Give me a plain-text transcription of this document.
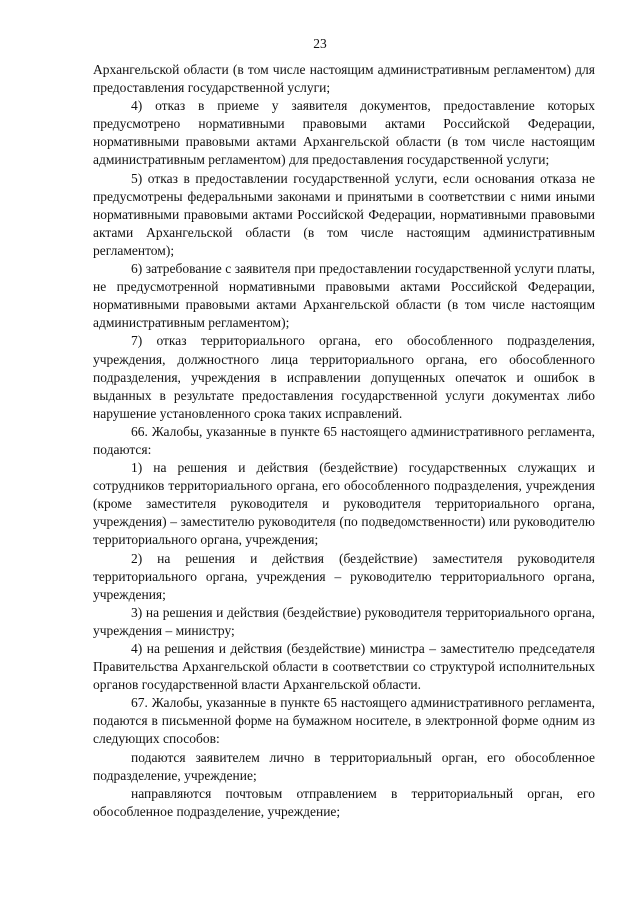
23

Архангельской области (в том числе настоящим административным регламентом) для предоставления государственной услуги;

4) отказ в приеме у заявителя документов, предоставление которых предусмотрено нормативными правовыми актами Российской Федерации, нормативными правовыми актами Архангельской области (в том числе настоящим административным регламентом) для предоставления государственной услуги;

5) отказ в предоставлении государственной услуги, если основания отказа не предусмотрены федеральными законами и принятыми в соответствии с ними иными нормативными правовыми актами Российской Федерации, нормативными правовыми актами Архангельской области (в том числе настоящим административным регламентом);

6) затребование с заявителя при предоставлении государственной услуги платы, не предусмотренной нормативными правовыми актами Российской Федерации, нормативными правовыми актами Архангельской области (в том числе настоящим административным регламентом);

7) отказ территориального органа, его обособленного подразделения, учреждения, должностного лица территориального органа, его обособленного подразделения, учреждения в исправлении допущенных опечаток и ошибок в выданных в результате предоставления государственной услуги документах либо нарушение установленного срока таких исправлений.

66. Жалобы, указанные в пункте 65 настоящего административного регламента, подаются:

1) на решения и действия (бездействие) государственных служащих и сотрудников территориального органа, его обособленного подразделения, учреждения (кроме заместителя руководителя и руководителя территориального органа, учреждения) – заместителю руководителя (по подведомственности) или руководителю территориального органа, учреждения;

2) на решения и действия (бездействие) заместителя руководителя территориального органа, учреждения – руководителю территориального органа, учреждения;

3) на решения и действия (бездействие) руководителя территориального органа, учреждения – министру;

4) на решения и действия (бездействие) министра – заместителю председателя Правительства Архангельской области в соответствии со структурой исполнительных органов государственной власти Архангельской области.

67. Жалобы, указанные в пункте 65 настоящего административного регламента, подаются в письменной форме на бумажном носителе, в электронной форме одним из следующих способов:

подаются заявителем лично в территориальный орган, его обособленное подразделение, учреждение;

направляются почтовым отправлением в территориальный орган, его обособленное подразделение, учреждение;
